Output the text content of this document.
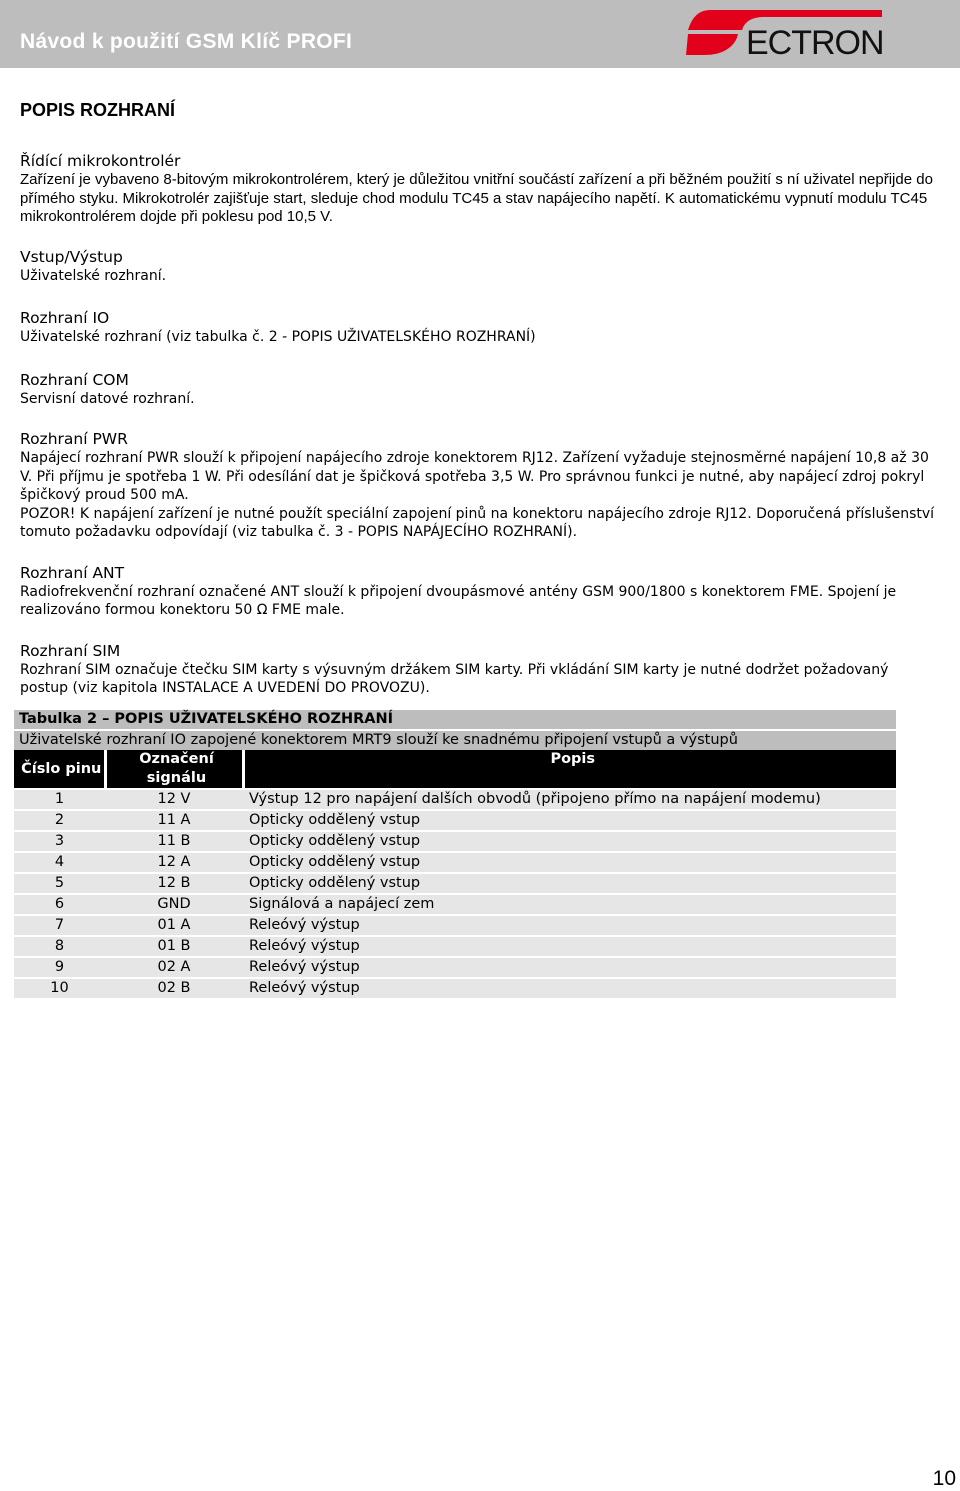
Návod k použití GSM Klíč PROFI	ECTRON
POPIS ROZHRANÍ
Řídící mikrokontrolér
Zařízení je vybaveno 8-bitovým mikrokontrolérem, který je důležitou vnitřní součástí zařízení a při běžném použití s ní uživatel nepřijde do přímého styku. Mikrokotrolér zajišťuje start, sleduje chod modulu TC45 a stav napájecího napětí. K automatickému vypnutí modulu TC45 mikrokontrolérem dojde při poklesu pod 10,5 V.
Vstup/Výstup
Uživatelské rozhraní.
Rozhraní IO
Uživatelské rozhraní (viz tabulka č. 2 - POPIS UŽIVATELSKÉHO ROZHRANÍ)
Rozhraní COM
Servisní datové rozhraní.
Rozhraní PWR
Napájecí rozhraní PWR slouží k připojení napájecího zdroje konektorem RJ12. Zařízení vyžaduje stejnosměrné napájení 10,8 až 30 V. Při příjmu je spotřeba 1 W. Při odesílání dat je špičková spotřeba 3,5 W. Pro správnou funkci je nutné, aby napájecí zdroj pokryl špičkový proud 500 mA.
POZOR! K napájení zařízení je nutné použít speciální zapojení pinů na konektoru napájecího zdroje RJ12. Doporučená příslušenství tomuto požadavku odpovídají (viz tabulka č. 3 - POPIS NAPÁJECÍHO ROZHRANÍ).
Rozhraní ANT
Radiofrekvenční rozhraní označené ANT slouží k připojení dvoupásmové antény GSM 900/1800 s konektorem FME. Spojení je realizováno formou konektoru 50 Ω FME male.
Rozhraní SIM
Rozhraní SIM označuje čtečku SIM karty s výsuvným držákem SIM karty. Při vkládání SIM karty je nutné dodržet požadovaný postup (viz kapitola INSTALACE A UVEDENÍ DO PROVOZU).
Tabulka 2 – POPIS UŽIVATELSKÉHO ROZHRANÍ		
Uživatelské rozhraní IO zapojené konektorem MRT9 slouží ke snadnému připojení vstupů a výstupů		
Číslo pinu	Označení signálu	Popis
1	12 V	Výstup 12 pro napájení dalších obvodů (připojeno přímo na napájení modemu)
2	11 A	Opticky oddělený vstup
3	11 B	Opticky oddělený vstup
4	12 A	Opticky oddělený vstup
5	12 B	Opticky oddělený vstup
6	GND	Signálová a napájecí zem
7	01 A	Releóvý výstup
8	01 B	Releóvý výstup
9	02 A	Releóvý výstup
10	02 B	Releóvý výstup
10
